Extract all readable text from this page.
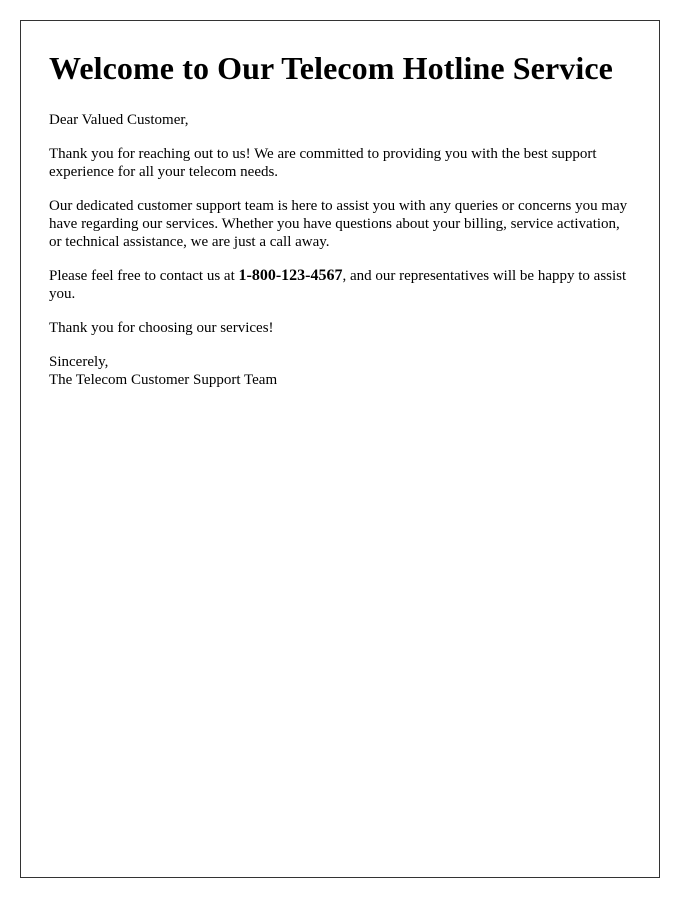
Welcome to Our Telecom Hotline Service

Dear Valued Customer,

Thank you for reaching out to us! We are committed to providing you with the best support experience for all your telecom needs.

Our dedicated customer support team is here to assist you with any queries or concerns you may have regarding our services. Whether you have questions about your billing, service activation, or technical assistance, we are just a call away.

Please feel free to contact us at 1-800-123-4567, and our representatives will be happy to assist you.

Thank you for choosing our services!

Sincerely,
The Telecom Customer Support Team
